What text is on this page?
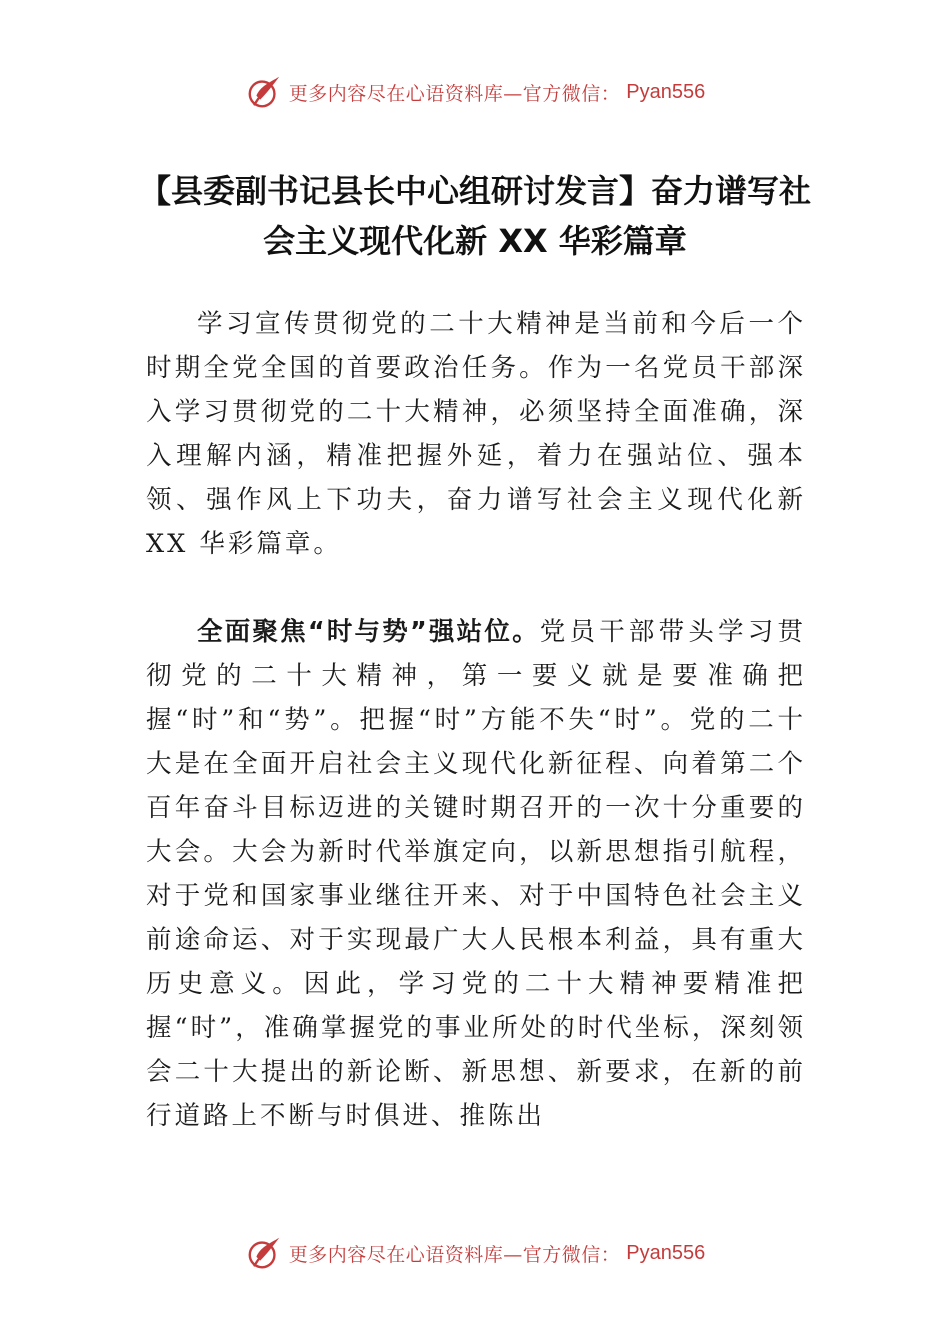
更多内容尽在心语资料库—官方微信： Pyan556
【县委副书记县长中心组研讨发言】奋力谱写社会主义现代化新 XX 华彩篇章

学习宣传贯彻党的二十大精神是当前和今后一个时期全党全国的首要政治任务。作为一名党员干部深入学习贯彻党的二十大精神，必须坚持全面准确，深入理解内涵，精准把握外延，着力在强站位、强本领、强作风上下功夫，奋力谱写社会主义现代化新 XX 华彩篇章。

全面聚焦“时与势”强站位。党员干部带头学习贯彻党的二十大精神，第一要义就是要准确把握“时”和“势”。把握“时”方能不失“时”。党的二十大是在全面开启社会主义现代化新征程、向着第二个百年奋斗目标迈进的关键时期召开的一次十分重要的大会。大会为新时代举旗定向，以新思想指引航程，对于党和国家事业继往开来、对于中国特色社会主义前途命运、对于实现最广大人民根本利益，具有重大历史意义。因此，学习党的二十大精神要精准把握“时”，准确掌握党的事业所处的时代坐标，深刻领会二十大提出的新论断、新思想、新要求，在新的前行道路上不断与时俱进、推陈出

更多内容尽在心语资料库—官方微信： Pyan556
